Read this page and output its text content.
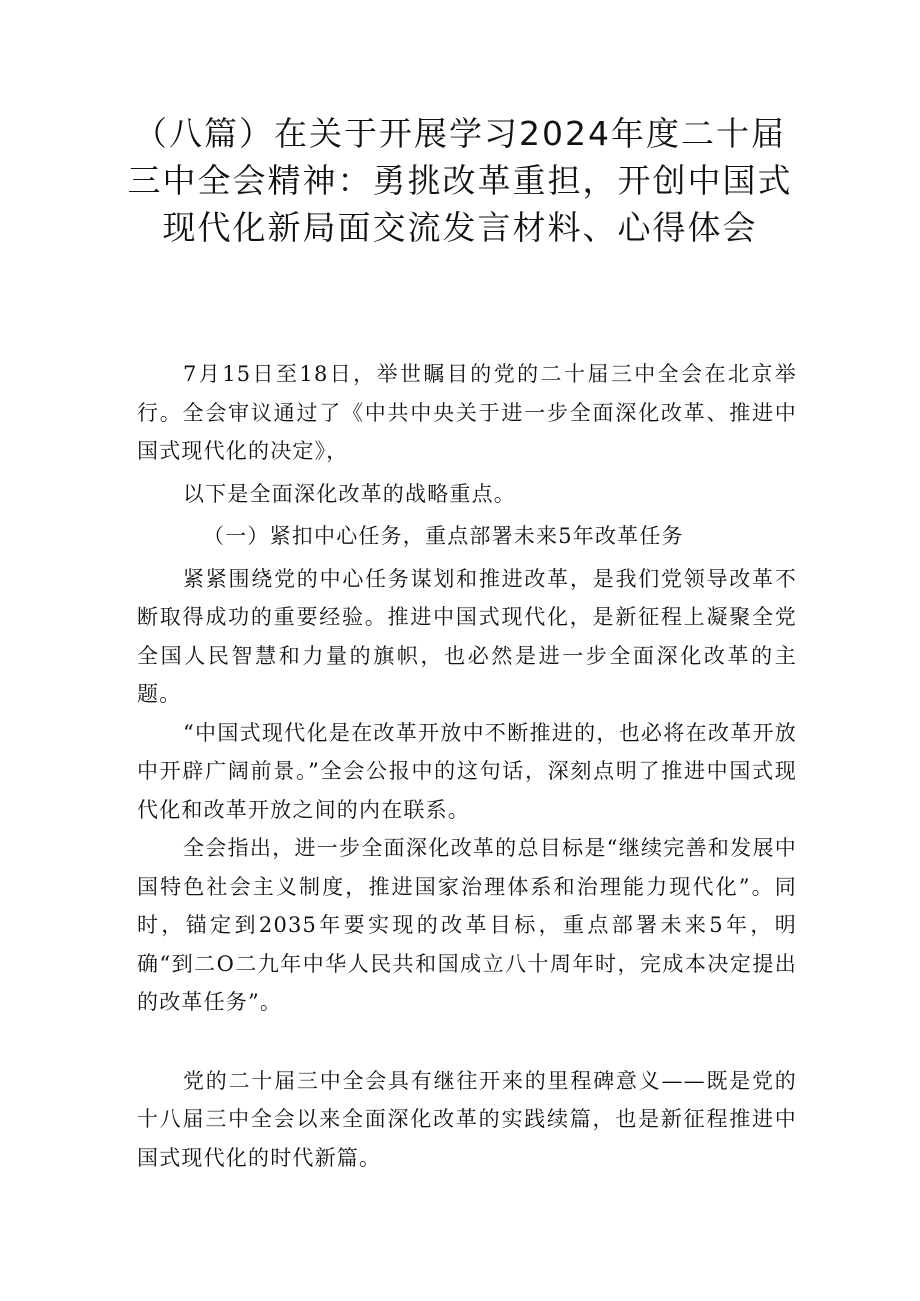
（八篇）在关于开展学习2024年度二十届
三中全会精神：勇挑改革重担，开创中国式
现代化新局面交流发言材料、心得体会

7月15日至18日，举世瞩目的党的二十届三中全会在北京举行。全会审议通过了《中共中央关于进一步全面深化改革、推进中国式现代化的决定》，

以下是全面深化改革的战略重点。

（一）紧扣中心任务，重点部署未来5年改革任务

紧紧围绕党的中心任务谋划和推进改革，是我们党领导改革不断取得成功的重要经验。推进中国式现代化，是新征程上凝聚全党全国人民智慧和力量的旗帜，也必然是进一步全面深化改革的主题。

“中国式现代化是在改革开放中不断推进的，也必将在改革开放中开辟广阔前景。”全会公报中的这句话，深刻点明了推进中国式现代化和改革开放之间的内在联系。

全会指出，进一步全面深化改革的总目标是“继续完善和发展中国特色社会主义制度，推进国家治理体系和治理能力现代化”。同时，锚定到2035年要实现的改革目标，重点部署未来5年，明确“到二O二九年中华人民共和国成立八十周年时，完成本决定提出的改革任务”。

党的二十届三中全会具有继往开来的里程碑意义——既是党的十八届三中全会以来全面深化改革的实践续篇，也是新征程推进中国式现代化的时代新篇。
